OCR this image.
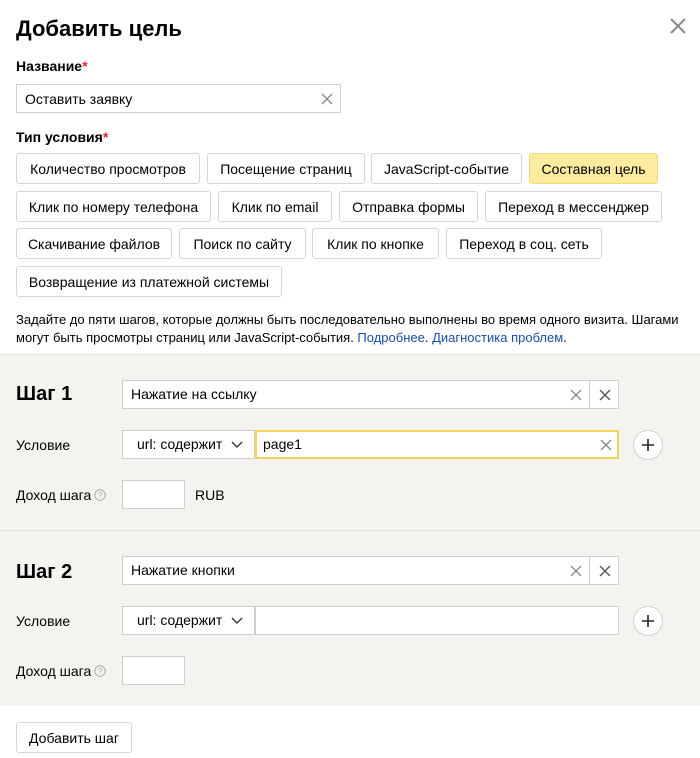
Добавить цель
Название*
Оставить заявку
Тип условия*
Количество просмотров	Посещение страниц	JavaScript-событие	Составная цель
Клик по номеру телефона	Клик по email	Отправка формы	Переход в мессенджер
Скачивание файлов	Поиск по сайту	Клик по кнопке	Переход в соц. сеть
Возвращение из платежной системы
Задайте до пяти шагов, которые должны быть последовательно выполнены во время одного визита. Шагами могут быть просмотры страниц или JavaScript-события. Подробнее. Диагностика проблем.
Шаг 1	Нажатие на ссылку
Условие	url: содержит	page1
Доход шага ?	RUB
Шаг 2	Нажатие кнопки
Условие	url: содержит
Доход шага ?
Добавить шаг
